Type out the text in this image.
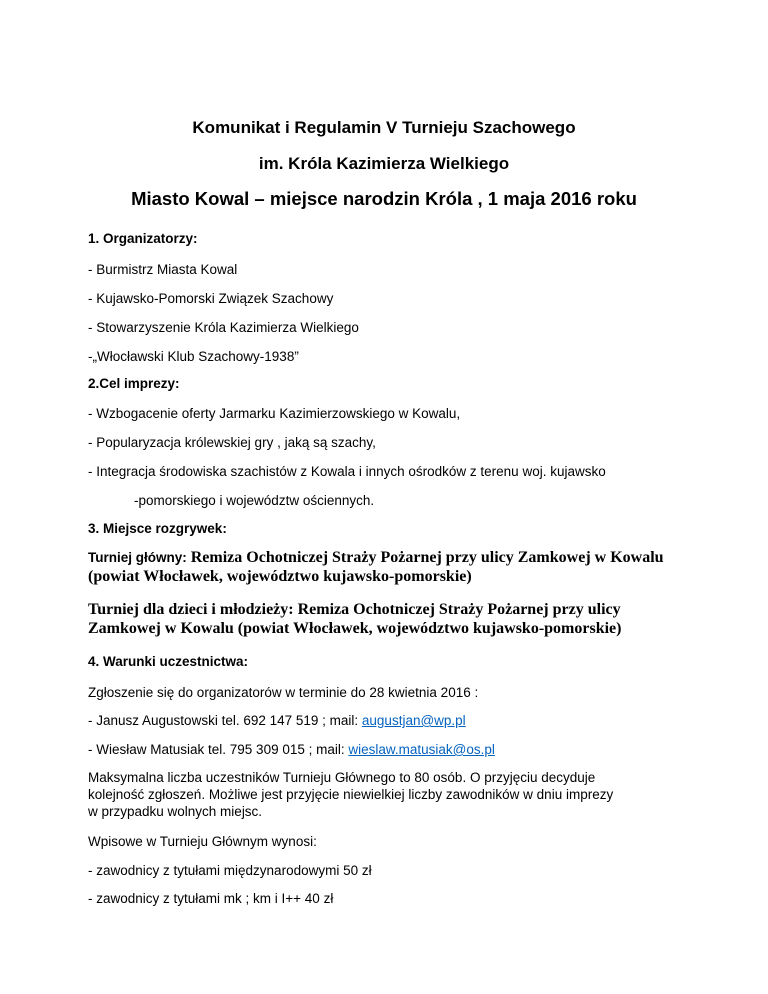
Komunikat i Regulamin V Turnieju Szachowego
im. Króla Kazimierza Wielkiego
Miasto Kowal – miejsce narodzin Króla , 1 maja 2016 roku
1. Organizatorzy:
- Burmistrz Miasta Kowal
- Kujawsko-Pomorski Związek Szachowy
- Stowarzyszenie Króla Kazimierza Wielkiego
-„Włocławski Klub Szachowy-1938”
2.Cel imprezy:
- Wzbogacenie oferty Jarmarku Kazimierzowskiego w Kowalu,
- Popularyzacja królewskiej gry , jaką są szachy,
- Integracja środowiska szachistów z Kowala i innych ośrodków z terenu woj. kujawsko
-pomorskiego i województw ościennych.
3. Miejsce rozgrywek:
Turniej główny: Remiza Ochotniczej Straży Pożarnej przy ulicy Zamkowej w Kowalu
(powiat Włocławek, województwo kujawsko-pomorskie)
Turniej dla dzieci i młodzieży: Remiza Ochotniczej Straży Pożarnej przy ulicy
Zamkowej w Kowalu (powiat Włocławek, województwo kujawsko-pomorskie)
4. Warunki uczestnictwa:
Zgłoszenie się do organizatorów w terminie do 28 kwietnia 2016 :
- Janusz Augustowski tel. 692 147 519 ; mail: augustjan@wp.pl
- Wiesław Matusiak tel. 795 309 015 ; mail: wieslaw.matusiak@os.pl
Maksymalna liczba uczestników Turnieju Głównego to 80 osób. O przyjęciu decyduje
kolejność zgłoszeń. Możliwe jest przyjęcie niewielkiej liczby zawodników w dniu imprezy
w przypadku wolnych miejsc.
Wpisowe w Turnieju Głównym wynosi:
- zawodnicy z tytułami międzynarodowymi 50 zł
- zawodnicy z tytułami mk ; km i I++ 40 zł
